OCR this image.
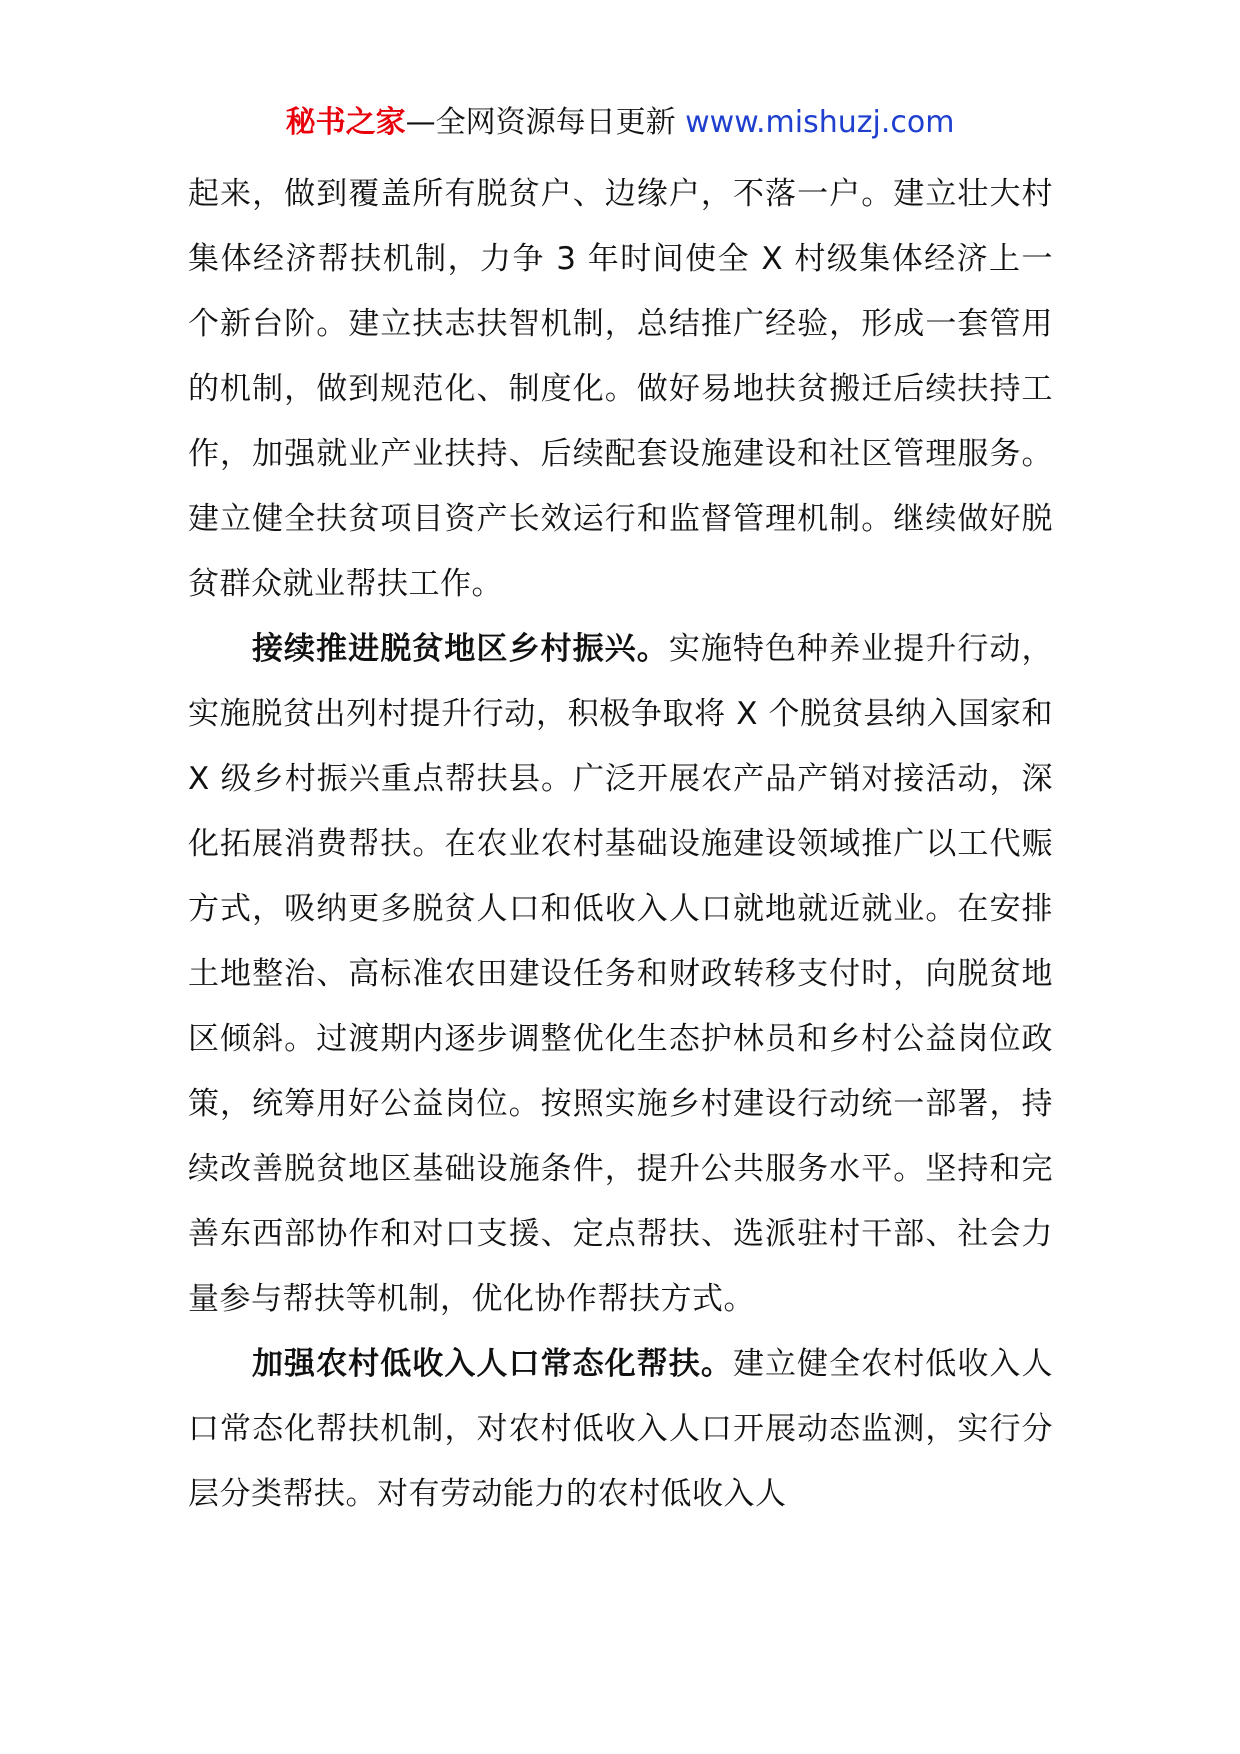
秘书之家—全网资源每日更新 www.mishuzj.com

起来，做到覆盖所有脱贫户、边缘户，不落一户。建立壮大村集体经济帮扶机制，力争 3 年时间使全 X 村级集体经济上一个新台阶。建立扶志扶智机制，总结推广经验，形成一套管用的机制，做到规范化、制度化。做好易地扶贫搬迁后续扶持工作，加强就业产业扶持、后续配套设施建设和社区管理服务。建立健全扶贫项目资产长效运行和监督管理机制。继续做好脱贫群众就业帮扶工作。

接续推进脱贫地区乡村振兴。实施特色种养业提升行动，实施脱贫出列村提升行动，积极争取将 X 个脱贫县纳入国家和 X 级乡村振兴重点帮扶县。广泛开展农产品产销对接活动，深化拓展消费帮扶。在农业农村基础设施建设领域推广以工代赈方式，吸纳更多脱贫人口和低收入人口就地就近就业。在安排土地整治、高标准农田建设任务和财政转移支付时，向脱贫地区倾斜。过渡期内逐步调整优化生态护林员和乡村公益岗位政策，统筹用好公益岗位。按照实施乡村建设行动统一部署，持续改善脱贫地区基础设施条件，提升公共服务水平。坚持和完善东西部协作和对口支援、定点帮扶、选派驻村干部、社会力量参与帮扶等机制，优化协作帮扶方式。

加强农村低收入人口常态化帮扶。建立健全农村低收入人口常态化帮扶机制，对农村低收入人口开展动态监测，实行分层分类帮扶。对有劳动能力的农村低收入人
